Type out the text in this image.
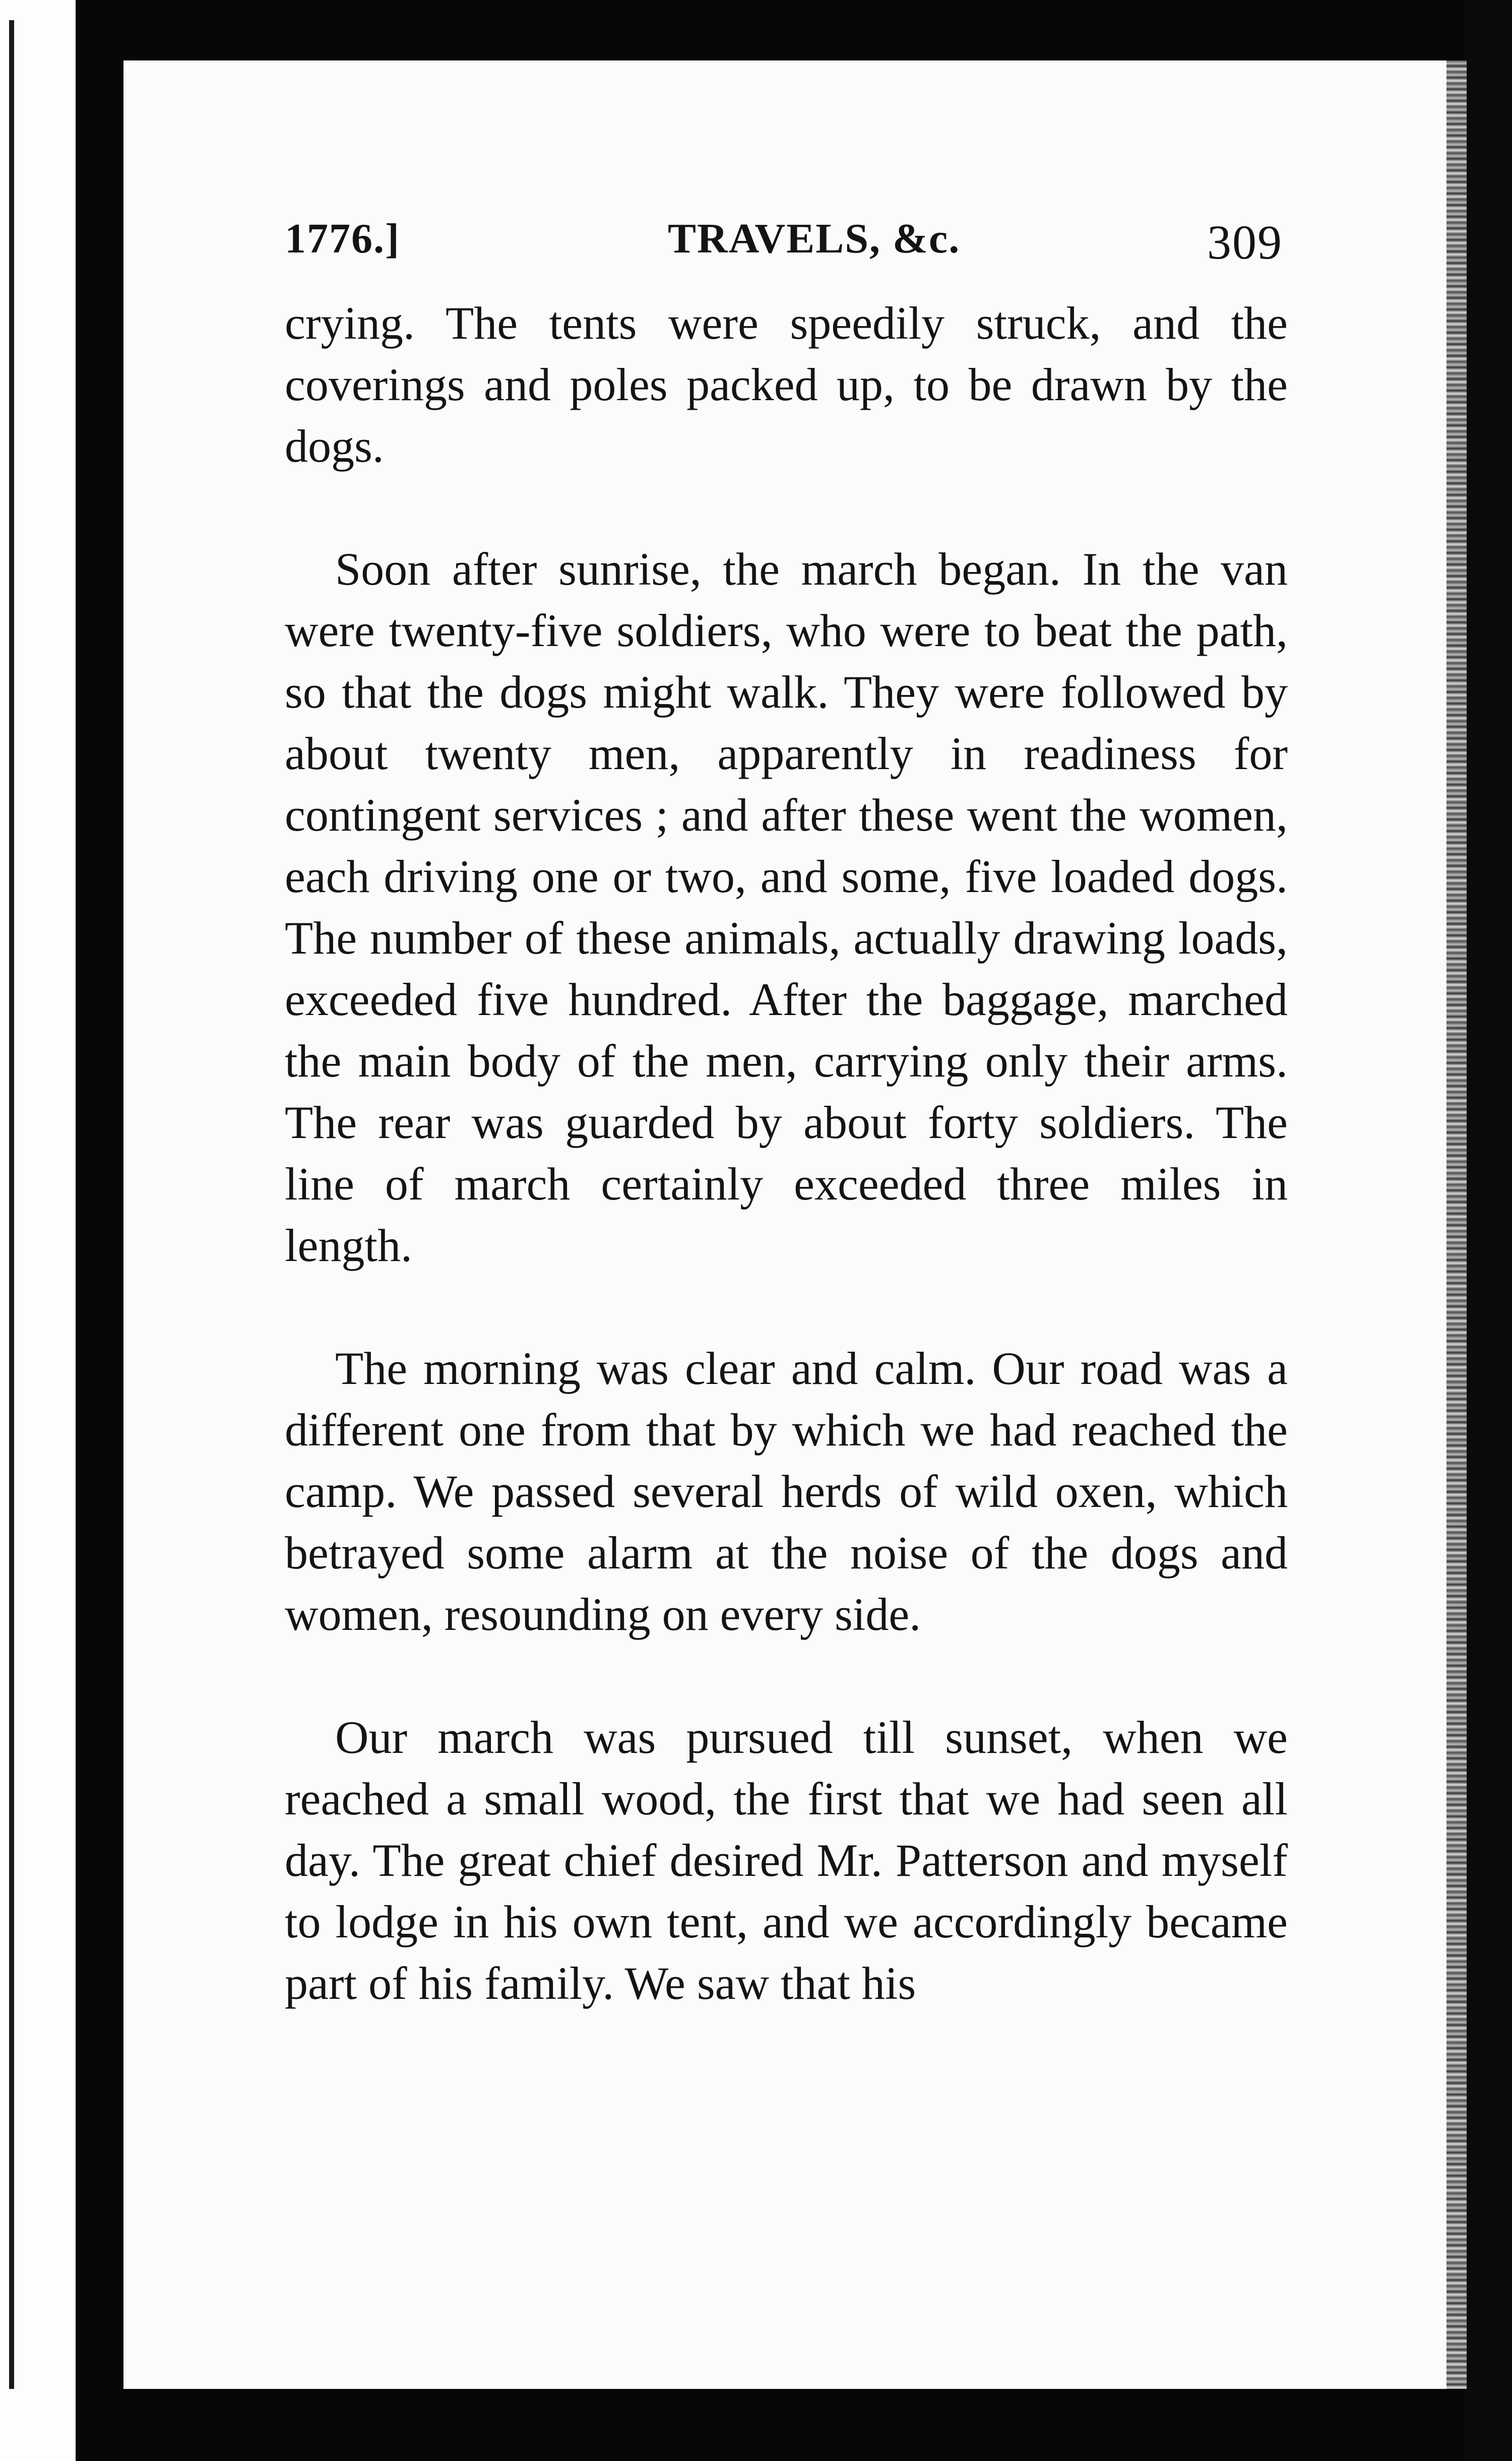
1776.]	TRAVELS, &c.	309

crying. The tents were speedily struck, and the coverings and poles packed up, to be drawn by the dogs.

Soon after sunrise, the march began. In the van were twenty-five soldiers, who were to beat the path, so that the dogs might walk. They were followed by about twenty men, apparently in readiness for contingent services ; and after these went the women, each driving one or two, and some, five loaded dogs. The number of these animals, actually drawing loads, exceeded five hundred. After the baggage, marched the main body of the men, carrying only their arms. The rear was guarded by about forty soldiers. The line of march certainly exceeded three miles in length.

The morning was clear and calm. Our road was a different one from that by which we had reached the camp. We passed several herds of wild oxen, which betrayed some alarm at the noise of the dogs and women, resounding on every side.

Our march was pursued till sunset, when we reached a small wood, the first that we had seen all day. The great chief desired Mr. Patterson and myself to lodge in his own tent, and we accordingly became part of his family. We saw that his
